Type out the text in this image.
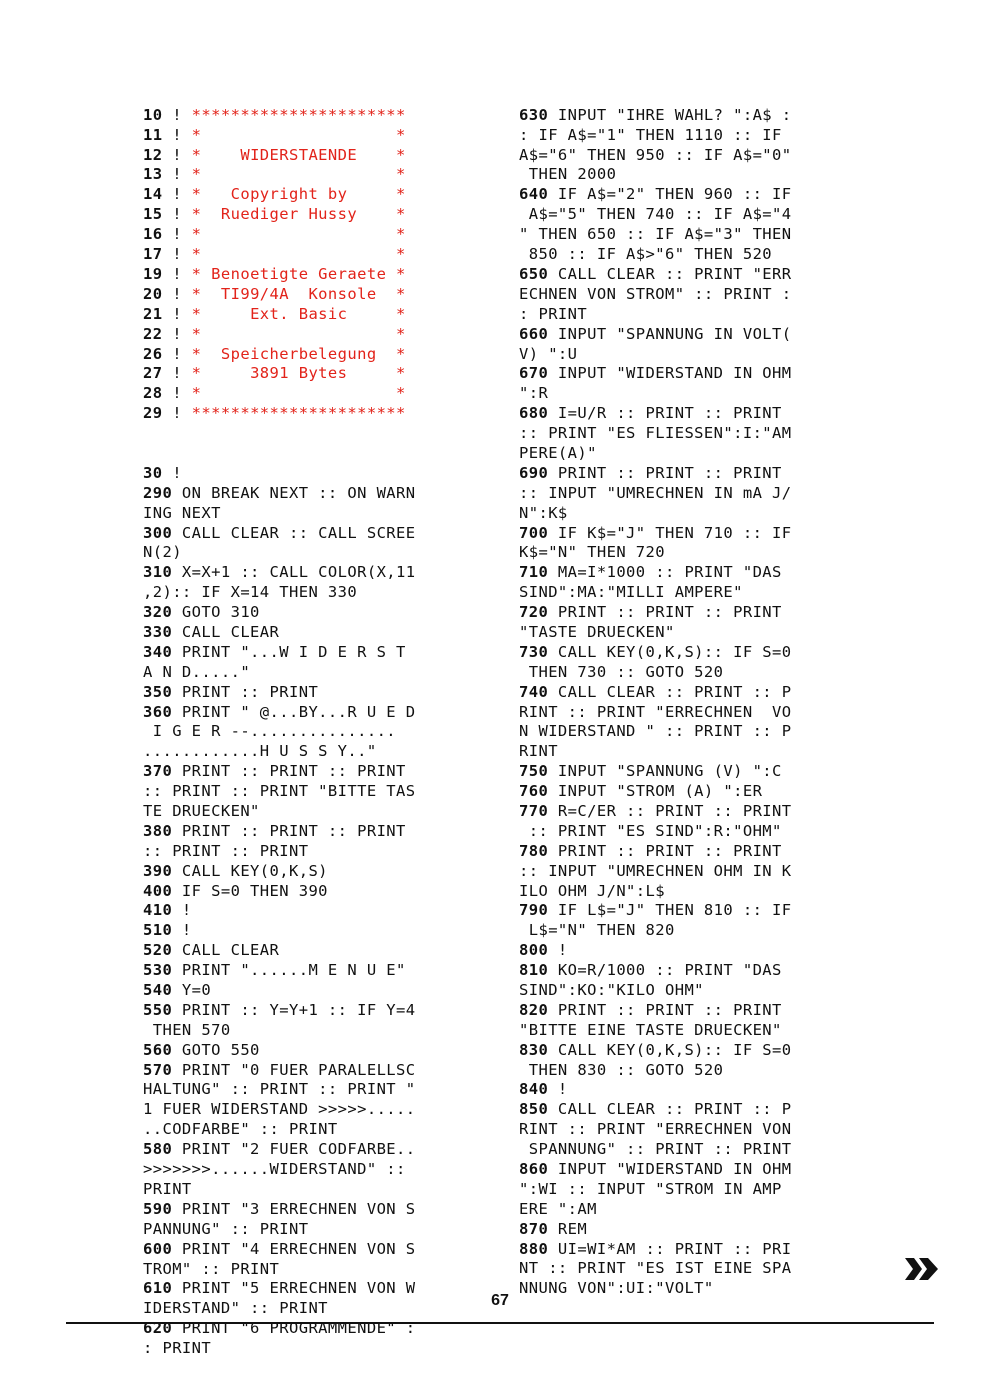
10 ! **********************
11 ! *                    *
12 ! *    WIDERSTAENDE    *
13 ! *                    *
14 ! *   Copyright by     *
15 ! *  Ruediger Hussy    *
16 ! *                    *
17 ! *                    *
19 ! * Benoetigte Geraete *
20 ! *  TI99/4A  Konsole  *
21 ! *     Ext. Basic     *
22 ! *                    *
26 ! *  Speicherbelegung  *
27 ! *     3891 Bytes     *
28 ! *                    *
29 ! **********************

30 !
290 ON BREAK NEXT :: ON WARN
ING NEXT
300 CALL CLEAR :: CALL SCREE
N(2)
310 X=X+1 :: CALL COLOR(X,11
,2):: IF X=14 THEN 330
320 GOTO 310
330 CALL CLEAR
340 PRINT "...W I D E R S T
A N D....."
350 PRINT :: PRINT
360 PRINT " @...BY...R U E D
I G E R --...............
............H U S S Y.."
370 PRINT :: PRINT :: PRINT
:: PRINT :: PRINT "BITTE TAS
TE DRUECKEN"
380 PRINT :: PRINT :: PRINT
:: PRINT :: PRINT
390 CALL KEY(0,K,S)
400 IF S=0 THEN 390
410 !
510 !
520 CALL CLEAR
530 PRINT "......M E N U E"
540 Y=0
550 PRINT :: Y=Y+1 :: IF Y=4
THEN 570
560 GOTO 550
570 PRINT "0 FUER PARALELLSC
HALTUNG" :: PRINT :: PRINT "
1 FUER WIDERSTAND >>>>>.....
..CODFARBE" :: PRINT
580 PRINT "2 FUER CODFARBE..
>>>>>>>......WIDERSTAND" ::
PRINT
590 PRINT "3 ERRECHNEN VON S
PANNUNG" :: PRINT
600 PRINT "4 ERRECHNEN VON S
TROM" :: PRINT
610 PRINT "5 ERRECHNEN VON W
IDERSTAND" :: PRINT
620 PRINT "6 PROGRAMMENDE" :
: PRINT

630 INPUT "IHRE WAHL? ":A$ :
: IF A$="1" THEN 1110 :: IF
A$="6" THEN 950 :: IF A$="0"
THEN 2000
640 IF A$="2" THEN 960 :: IF
A$="5" THEN 740 :: IF A$="4
" THEN 650 :: IF A$="3" THEN
850 :: IF A$>"6" THEN 520
650 CALL CLEAR :: PRINT "ERR
ECHNEN VON STROM" :: PRINT :
: PRINT
660 INPUT "SPANNUNG IN VOLT(
V) ":U
670 INPUT "WIDERSTAND IN OHM
":R
680 I=U/R :: PRINT :: PRINT
:: PRINT "ES FLIESSEN":I:"AM
PERE(A)"
690 PRINT :: PRINT :: PRINT
:: INPUT "UMRECHNEN IN mA J/
N":K$
700 IF K$="J" THEN 710 :: IF
K$="N" THEN 720
710 MA=I*1000 :: PRINT "DAS
SIND":MA:"MILLI AMPERE"
720 PRINT :: PRINT :: PRINT
"TASTE DRUECKEN"
730 CALL KEY(0,K,S):: IF S=0
THEN 730 :: GOTO 520
740 CALL CLEAR :: PRINT :: P
RINT :: PRINT "ERRECHNEN  VO
N WIDERSTAND " :: PRINT :: P
RINT
750 INPUT "SPANNUNG (V) ":C
760 INPUT "STROM (A) ":ER
770 R=C/ER :: PRINT :: PRINT
:: PRINT "ES SIND":R:"OHM"
780 PRINT :: PRINT :: PRINT
:: INPUT "UMRECHNEN OHM IN K
ILO OHM J/N":L$
790 IF L$="J" THEN 810 :: IF
L$="N" THEN 820
800 !
810 KO=R/1000 :: PRINT "DAS
SIND":KO:"KILO OHM"
820 PRINT :: PRINT :: PRINT
"BITTE EINE TASTE DRUECKEN"
830 CALL KEY(0,K,S):: IF S=0
THEN 830 :: GOTO 520
840 !
850 CALL CLEAR :: PRINT :: P
RINT :: PRINT "ERRECHNEN VON
SPANNUNG" :: PRINT :: PRINT
860 INPUT "WIDERSTAND IN OHM
":WI :: INPUT "STROM IN AMP
ERE ":AM
870 REM
880 UI=WI*AM :: PRINT :: PRI
NT :: PRINT "ES IST EINE SPA
NNUNG VON":UI:"VOLT"

67
